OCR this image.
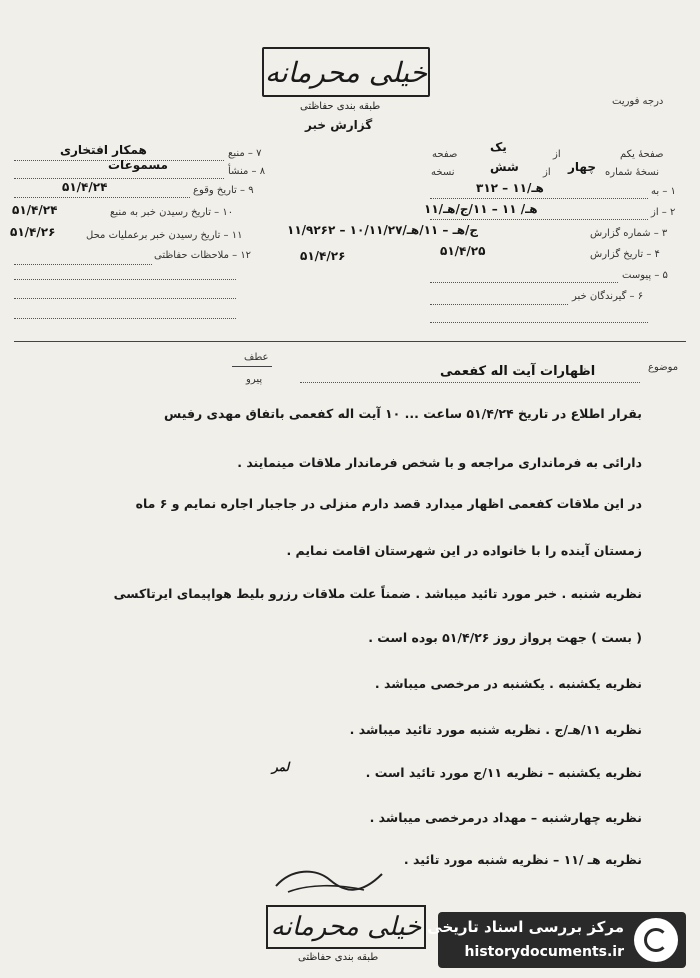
خیلی محرمانه
طبقه بندی حفاظتی
گزارش خبر
درجه فوریت
۷ – منبع
همکار افتخاری
۸ – منشأ
مسموعات
۹ – تاریخ وقوع
۵۱/۴/۲۴
۱۰ – تاریخ رسیدن خبر به منبع
۵۱/۴/۲۴
۱۱ – تاریخ رسیدن خبر برعملیات محل
۵۱/۴/۲۶
۱۲ – ملاحظات حفاظتی
صفحهٔ یکم
از
یک
صفحه
نسخهٔ شماره
چهار
از
شش
نسخه
۱ – به
۳۱۲ – ۱۱/هـ
۲ – از
۱۱/هـ/ ۱۱ – ۱۱/ج/هـ
۳ – شماره گزارش
۱۱/۹۲۶۲ – ۱۰/۱۱/۲۷/ج/هـ – ۱۱/هـ
۴ – تاریخ گزارش
۵۱/۴/۲۵
۵۱/۴/۲۶
۵ – پیوست
۶ – گیرندگان خبر
عطف
پیرو
موضوع
اظهارات آیت اله کفعمی
بقرار اطلاع در تاریخ ۵۱/۴/۲۴ ساعت ... ۱۰ آیت اله کفعمی باتفاق مهدی رفیس
دارائی به فرمانداری مراجعه و با شخص فرماندار ملاقات مینمایند .
در این ملاقات کفعمی اظهار میدارد قصد دارم منزلی در جاجبار اجاره نمایم و ۶ ماه
زمستان آینده را با خانواده در این شهرستان اقامت نمایم .
نظریه شنبه . خبر مورد تائید میباشد . ضمناً علت ملاقات رزرو بلیط هواپیمای ایرتاکسی
( بست ) جهت پرواز روز ۵۱/۴/۲۶ بوده است .
نظریه یکشنبه . یکشنبه در مرخصی میباشد .
نظریه ۱۱/هـ/ج . نظریه شنبه مورد تائید میباشد .
نظریه یکشنبه – نظریه ۱۱/ج مورد تائید است .
لمر
نظریه چهارشنبه – مهداد درمرخصی میباشد .
نظریه هـ /۱۱ – نظریه شنبه مورد تائید .
خیلی محرمانه
طبقه بندی حفاظتی
مرکز بررسی اسناد تاریخی
historydocuments.ir
